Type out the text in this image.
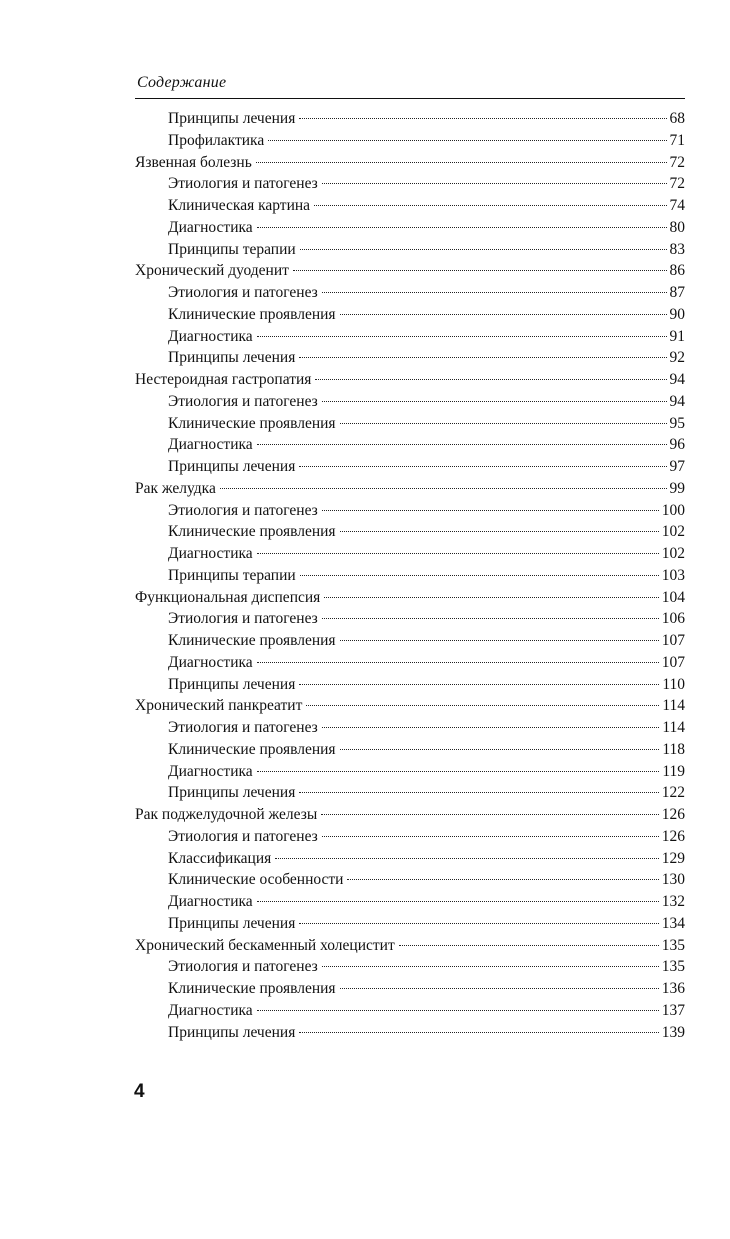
Содержание
Принципы лечения	68
Профилактика	71
Язвенная болезнь	72
Этиология и патогенез	72
Клиническая картина	74
Диагностика	80
Принципы терапии	83
Хронический дуоденит	86
Этиология и патогенез	87
Клинические проявления	90
Диагностика	91
Принципы лечения	92
Нестероидная гастропатия	94
Этиология и патогенез	94
Клинические проявления	95
Диагностика	96
Принципы лечения	97
Рак желудка	99
Этиология и патогенез	100
Клинические проявления	102
Диагностика	102
Принципы терапии	103
Функциональная диспепсия	104
Этиология и патогенез	106
Клинические проявления	107
Диагностика	107
Принципы лечения	110
Хронический панкреатит	114
Этиология и патогенез	114
Клинические проявления	118
Диагностика	119
Принципы лечения	122
Рак поджелудочной железы	126
Этиология и патогенез	126
Классификация	129
Клинические особенности	130
Диагностика	132
Принципы лечения	134
Хронический бескаменный холецистит	135
Этиология и патогенез	135
Клинические проявления	136
Диагностика	137
Принципы лечения	139
4
